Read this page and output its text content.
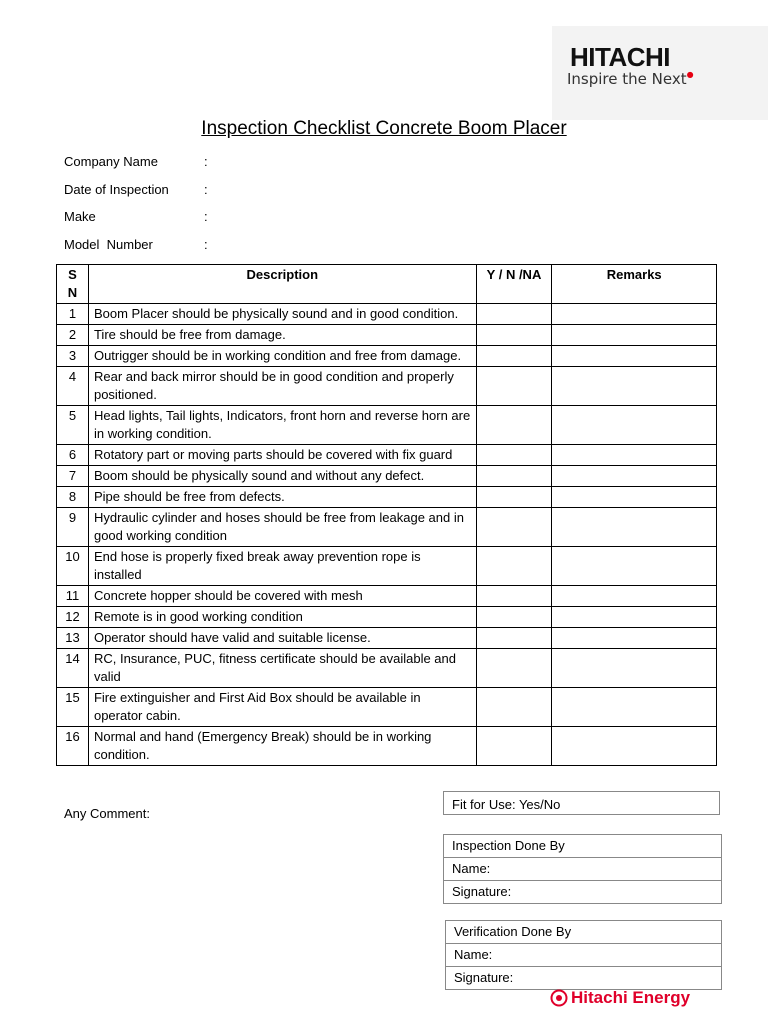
HITACHI
Inspire the Next●
Inspection Checklist Concrete Boom Placer
Company Name	:
Date of Inspection	:
Make	:
Model  Number	:
S N	Description	Y / N /NA	Remarks
1	Boom Placer should be physically sound and in good condition.		
2	Tire should be free from damage.		
3	Outrigger should be in working condition and free from damage.		
4	Rear and back mirror should be in good condition and properly positioned.		
5	Head lights, Tail lights, Indicators, front horn and reverse horn are in working condition.		
6	Rotatory part or moving parts should be covered with fix guard		
7	Boom should be physically sound and without any defect.		
8	Pipe should be free from defects.		
9	Hydraulic cylinder and hoses should be free from leakage and in good working condition		
10	End hose is properly fixed break away prevention rope is installed		
11	Concrete hopper should be covered with mesh		
12	Remote is in good working condition		
13	Operator should have valid and suitable license.		
14	RC, Insurance, PUC, fitness certificate should be available and valid		
15	Fire extinguisher and First Aid Box should be available in operator cabin.		
16	Normal and hand (Emergency Break) should be in working condition.		
Any Comment:
Fit for Use: Yes/No
Inspection Done By
Name:
Signature:
Verification Done By
Name:
Signature:
Hitachi Energy
